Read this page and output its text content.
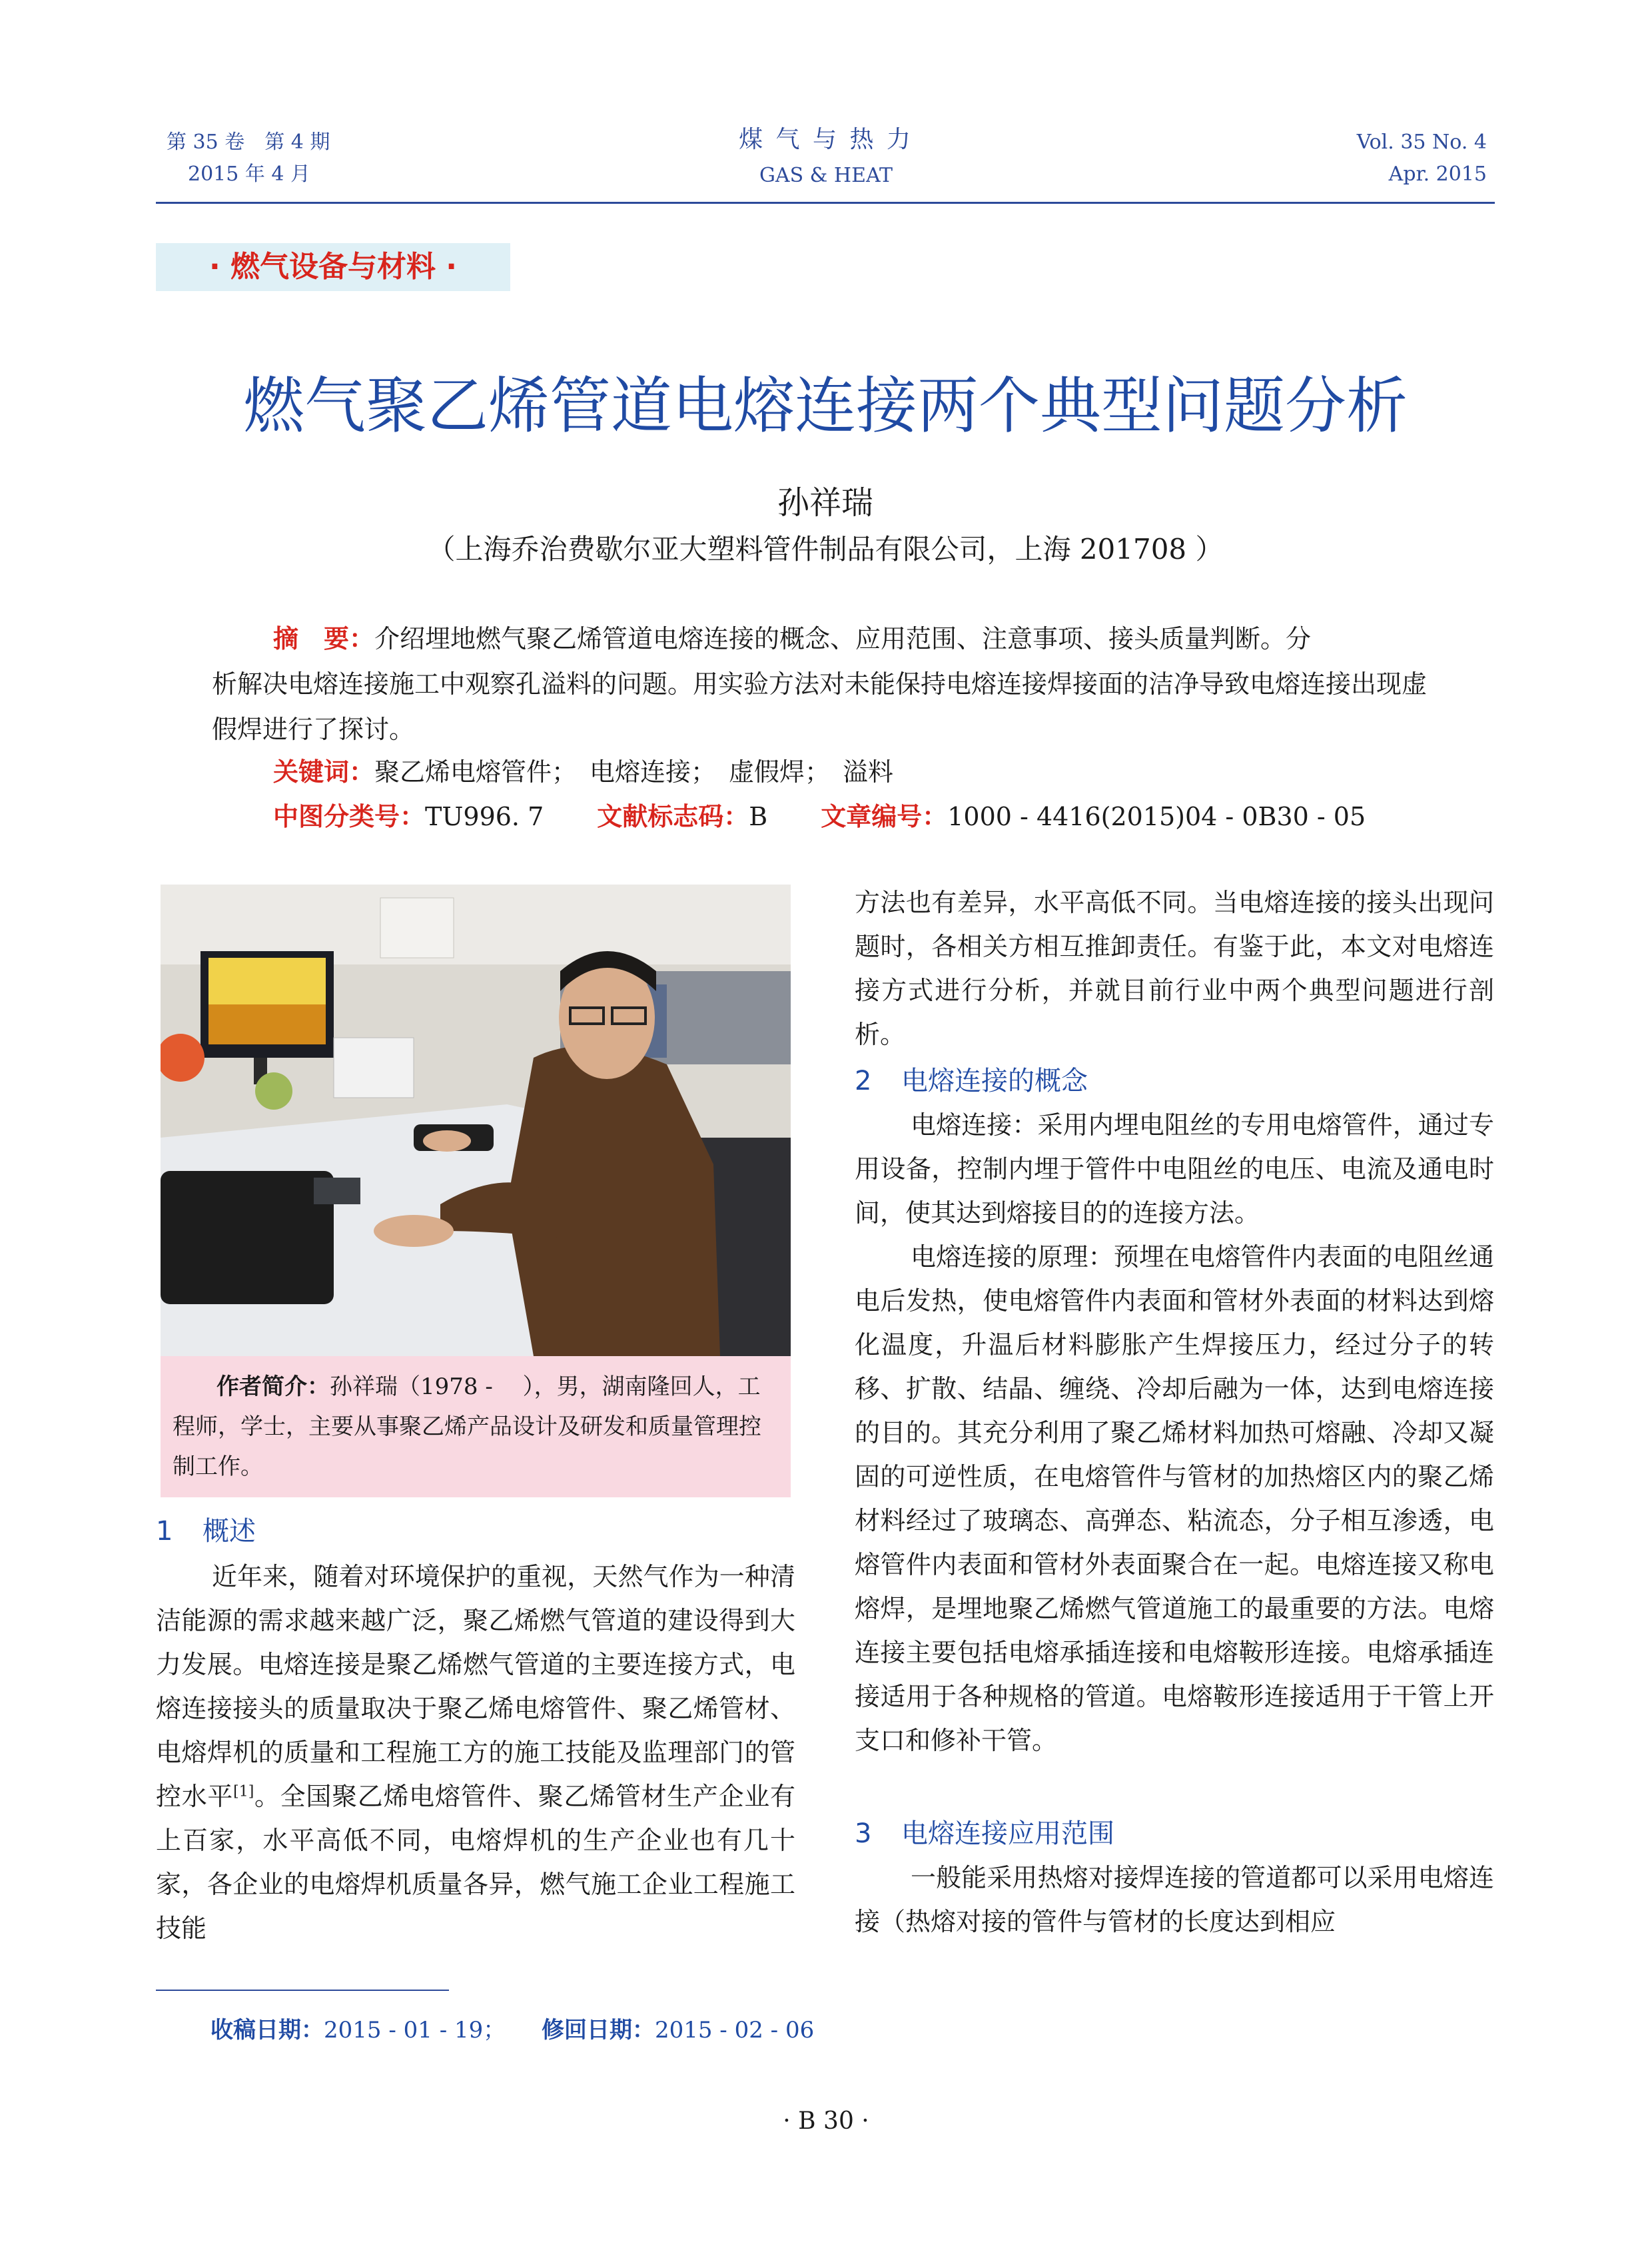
第 35 卷　第 4 期
2015 年 4 月
煤 气 与 热 力
GAS & HEAT
Vol. 35 No. 4
Apr. 2015
· 燃气设备与材料 ·
燃气聚乙烯管道电熔连接两个典型问题分析
孙祥瑞
（上海乔治费歇尔亚大塑料管件制品有限公司，上海 201708 ）
摘　要：介绍埋地燃气聚乙烯管道电熔连接的概念、应用范围、注意事项、接头质量判断。分
析解决电熔连接施工中观察孔溢料的问题。用实验方法对未能保持电熔连接焊接面的洁净导致电熔连接出现虚假焊进行了探讨。
关键词：聚乙烯电熔管件；　电熔连接；　虚假焊；　溢料
中图分类号：TU996. 7 文献标志码：B 文章编号：1000 - 4416(2015)04 - 0B30 - 05
作者简介：孙祥瑞（1978 -　 ），男，湖南隆回人，工程师，学士，主要从事聚乙烯产品设计及研发和质量管理控制工作。
1 概述
近年来，随着对环境保护的重视，天然气作为一种清洁能源的需求越来越广泛，聚乙烯燃气管道的建设得到大力发展。电熔连接是聚乙烯燃气管道的主要连接方式，电熔连接接头的质量取决于聚乙烯电熔管件、聚乙烯管材、电熔焊机的质量和工程施工方的施工技能及监理部门的管控水平[1]。全国聚乙烯电熔管件、聚乙烯管材生产企业有上百家，水平高低不同，电熔焊机的生产企业也有几十家，各企业的电熔焊机质量各异，燃气施工企业工程施工技能
方法也有差异，水平高低不同。当电熔连接的接头出现问题时，各相关方相互推卸责任。有鉴于此，本文对电熔连接方式进行分析，并就目前行业中两个典型问题进行剖析。
2 电熔连接的概念
电熔连接：采用内埋电阻丝的专用电熔管件，通过专用设备，控制内埋于管件中电阻丝的电压、电流及通电时间，使其达到熔接目的的连接方法。
电熔连接的原理：预埋在电熔管件内表面的电阻丝通电后发热，使电熔管件内表面和管材外表面的材料达到熔化温度，升温后材料膨胀产生焊接压力，经过分子的转移、扩散、结晶、缠绕、冷却后融为一体，达到电熔连接的目的。其充分利用了聚乙烯材料加热可熔融、冷却又凝固的可逆性质，在电熔管件与管材的加热熔区内的聚乙烯材料经过了玻璃态、高弹态、粘流态，分子相互渗透，电熔管件内表面和管材外表面聚合在一起。电熔连接又称电熔焊，是埋地聚乙烯燃气管道施工的最重要的方法。电熔连接主要包括电熔承插连接和电熔鞍形连接。电熔承插连接适用于各种规格的管道。电熔鞍形连接适用于干管上开支口和修补干管。
3 电熔连接应用范围
一般能采用热熔对接焊连接的管道都可以采用电熔连接（热熔对接的管件与管材的长度达到相应
收稿日期：2015 - 01 - 19； 修回日期：2015 - 02 - 06
· B 30 ·
